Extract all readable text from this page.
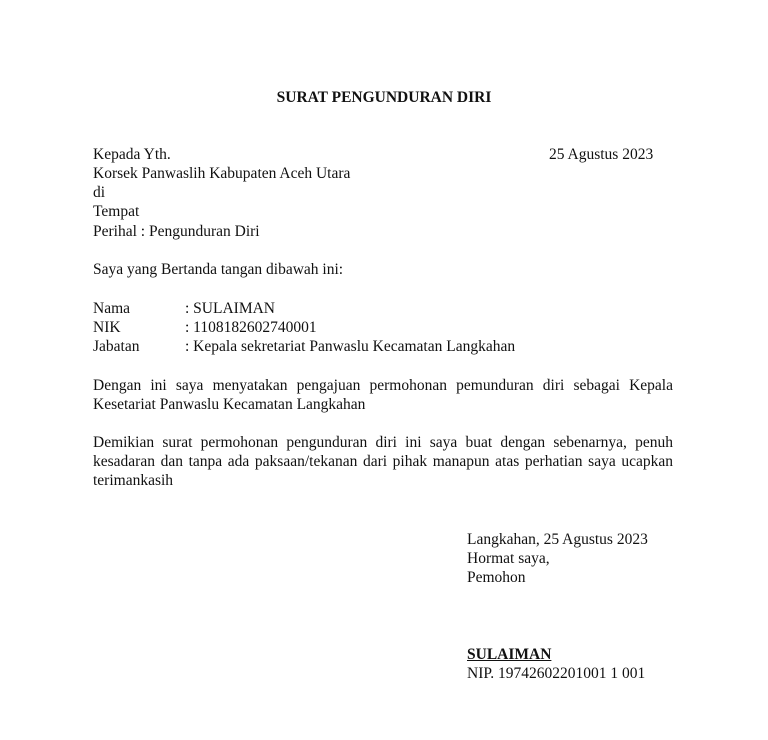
SURAT PENGUNDURAN DIRI
25 Agustus 2023
Kepada Yth.
Korsek Panwaslih Kabupaten Aceh Utara
di
Tempat
Perihal : Pengunduran Diri
Saya yang Bertanda tangan dibawah ini:
Nama	: SULAIMAN
NIK	: 1108182602740001
Jabatan	: Kepala sekretariat Panwaslu Kecamatan Langkahan
Dengan ini saya menyatakan pengajuan permohonan pemunduran diri sebagai Kepala Kesetariat Panwaslu Kecamatan Langkahan
Demikian surat permohonan pengunduran diri ini saya buat dengan sebenarnya, penuh kesadaran dan tanpa ada paksaan/tekanan dari pihak manapun atas perhatian saya ucapkan terimankasih
Langkahan, 25 Agustus 2023
Hormat saya,
Pemohon
SULAIMAN
NIP. 19742602201001 1 001
